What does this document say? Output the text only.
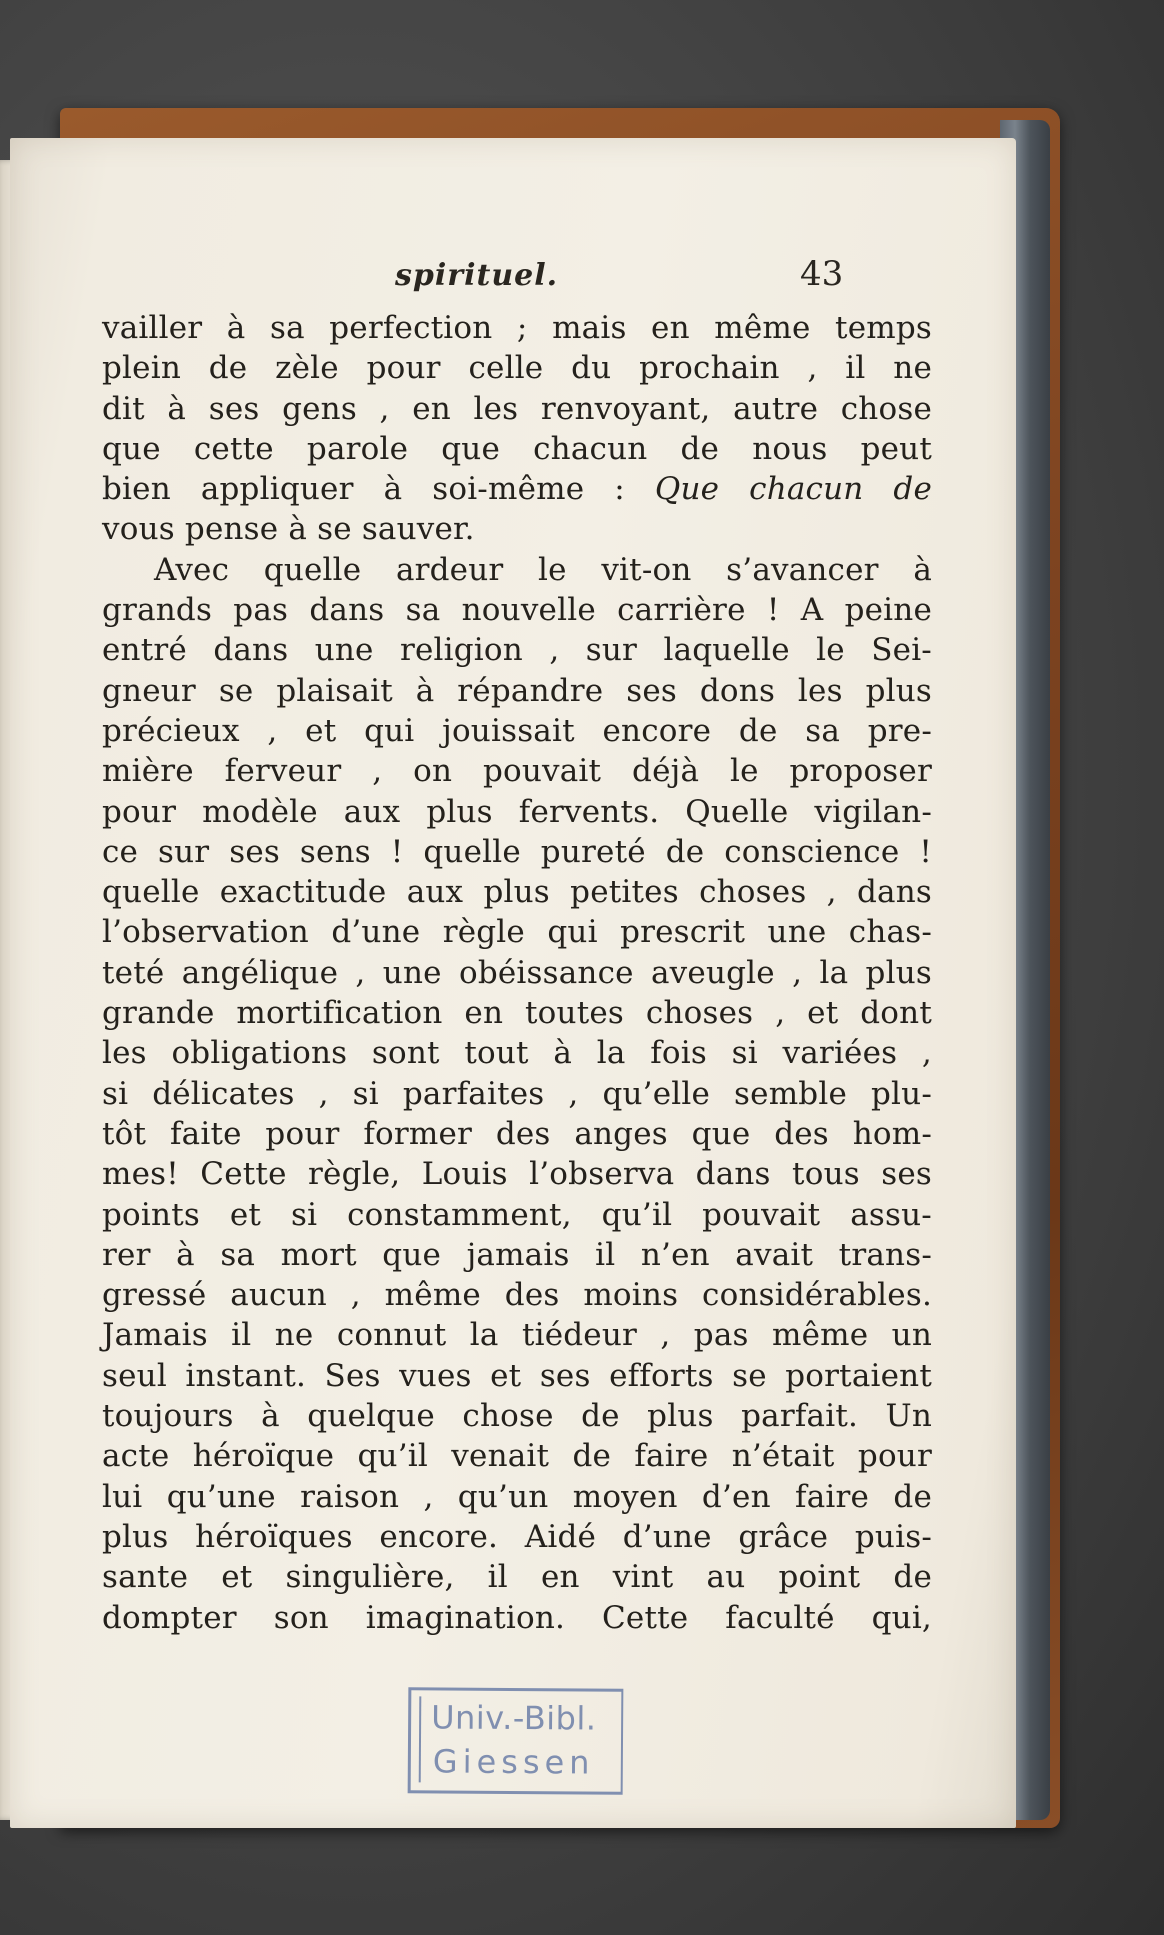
spirituel.	43
vailler à sa perfection ; mais en même temps
plein de zèle pour celle du prochain , il ne
dit à ses gens , en les renvoyant, autre chose
que cette parole que chacun de nous peut
bien appliquer à soi-même : Que chacun de
vous pense à se sauver.
Avec quelle ardeur le vit-on s’avancer à
grands pas dans sa nouvelle carrière ! A peine
entré dans une religion , sur laquelle le Sei-
gneur se plaisait à répandre ses dons les plus
précieux , et qui jouissait encore de sa pre-
mière ferveur , on pouvait déjà le proposer
pour modèle aux plus fervents. Quelle vigilan-
ce sur ses sens ! quelle pureté de conscience !
quelle exactitude aux plus petites choses , dans
l’observation d’une règle qui prescrit une chas-
teté angélique , une obéissance aveugle , la plus
grande mortification en toutes choses , et dont
les obligations sont tout à la fois si variées ,
si délicates , si parfaites , qu’elle semble plu-
tôt faite pour former des anges que des hom-
mes! Cette règle, Louis l’observa dans tous ses
points et si constamment, qu’il pouvait assu-
rer à sa mort que jamais il n’en avait trans-
gressé aucun , même des moins considérables.
Jamais il ne connut la tiédeur , pas même un
seul instant. Ses vues et ses efforts se portaient
toujours à quelque chose de plus parfait. Un
acte héroïque qu’il venait de faire n’était pour
lui qu’une raison , qu’un moyen d’en faire de
plus héroïques encore. Aidé d’une grâce puis-
sante et singulière, il en vint au point de
dompter son imagination. Cette faculté qui,
Univ.-Bibl.
Giessen
